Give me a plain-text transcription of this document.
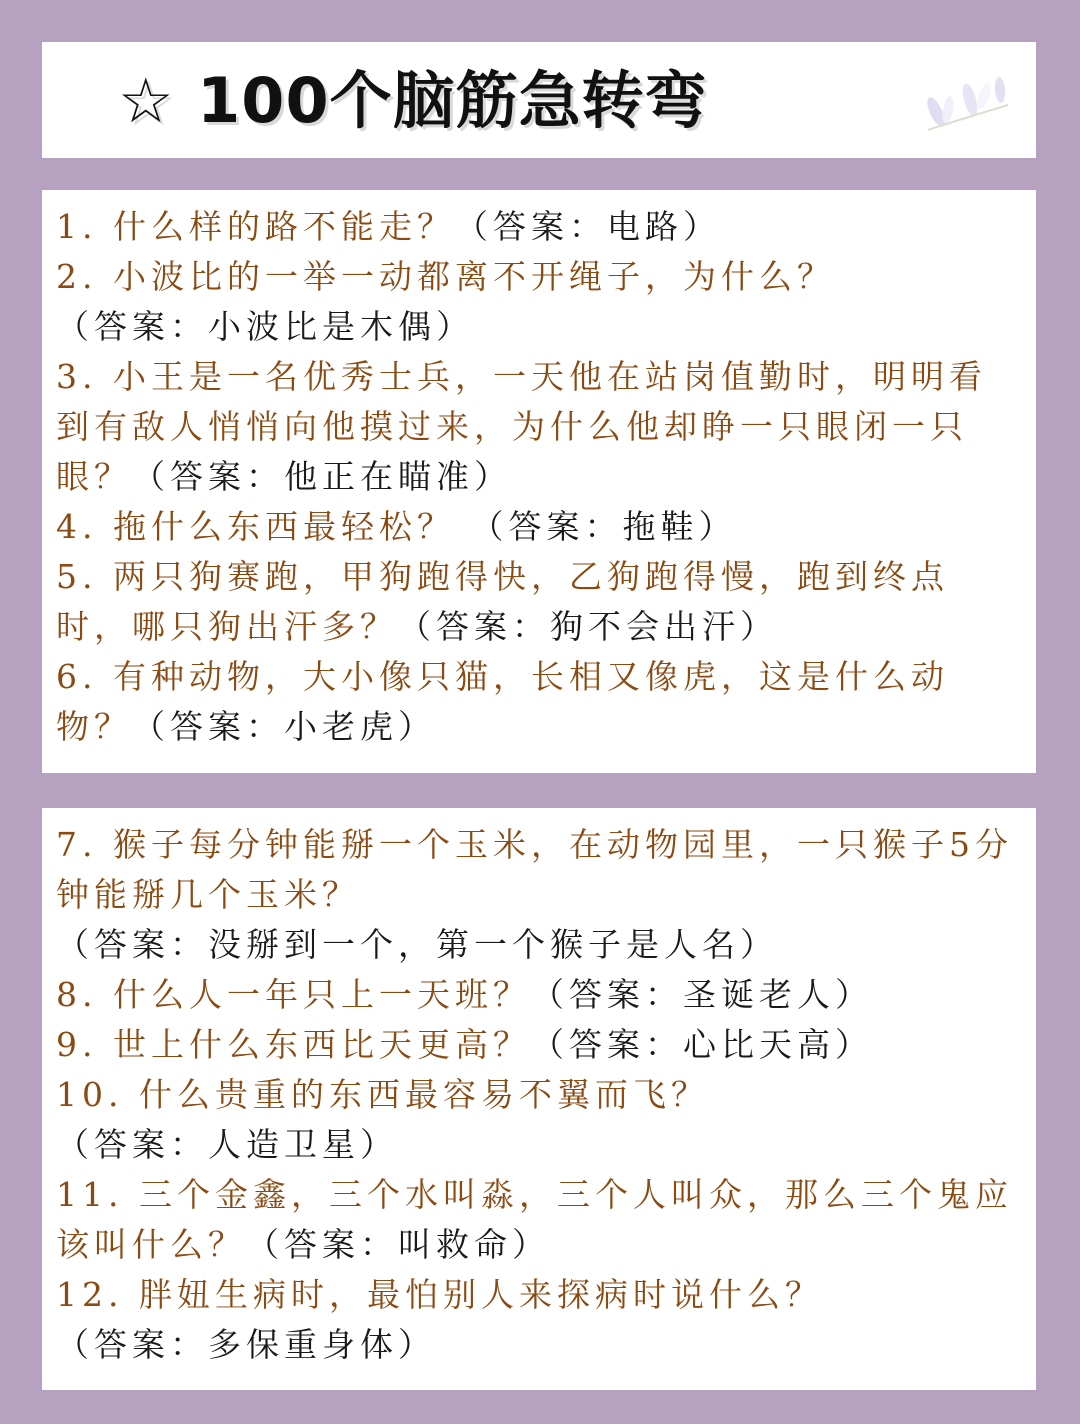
☆ 100个脑筋急转弯
1. 什么样的路不能走？（答案：电路）
2. 小波比的一举一动都离不开绳子，为什么？
（答案：小波比是木偶）
3. 小王是一名优秀士兵，一天他在站岗值勤时，明明看到有敌人悄悄向他摸过来，为什么他却睁一只眼闭一只眼？（答案：他正在瞄准）
4. 拖什么东西最轻松？ （答案：拖鞋）
5. 两只狗赛跑，甲狗跑得快，乙狗跑得慢，跑到终点时，哪只狗出汗多？（答案：狗不会出汗）
6. 有种动物，大小像只猫，长相又像虎，这是什么动物？（答案：小老虎）
7. 猴子每分钟能掰一个玉米，在动物园里，一只猴子5分钟能掰几个玉米？
（答案：没掰到一个，第一个猴子是人名）
8. 什么人一年只上一天班？（答案：圣诞老人）
9. 世上什么东西比天更高？（答案：心比天高）
10. 什么贵重的东西最容易不翼而飞？
（答案：人造卫星）
11. 三个金鑫，三个水叫淼，三个人叫众，那么三个鬼应该叫什么？（答案：叫救命）
12. 胖妞生病时，最怕别人来探病时说什么？
（答案：多保重身体）
